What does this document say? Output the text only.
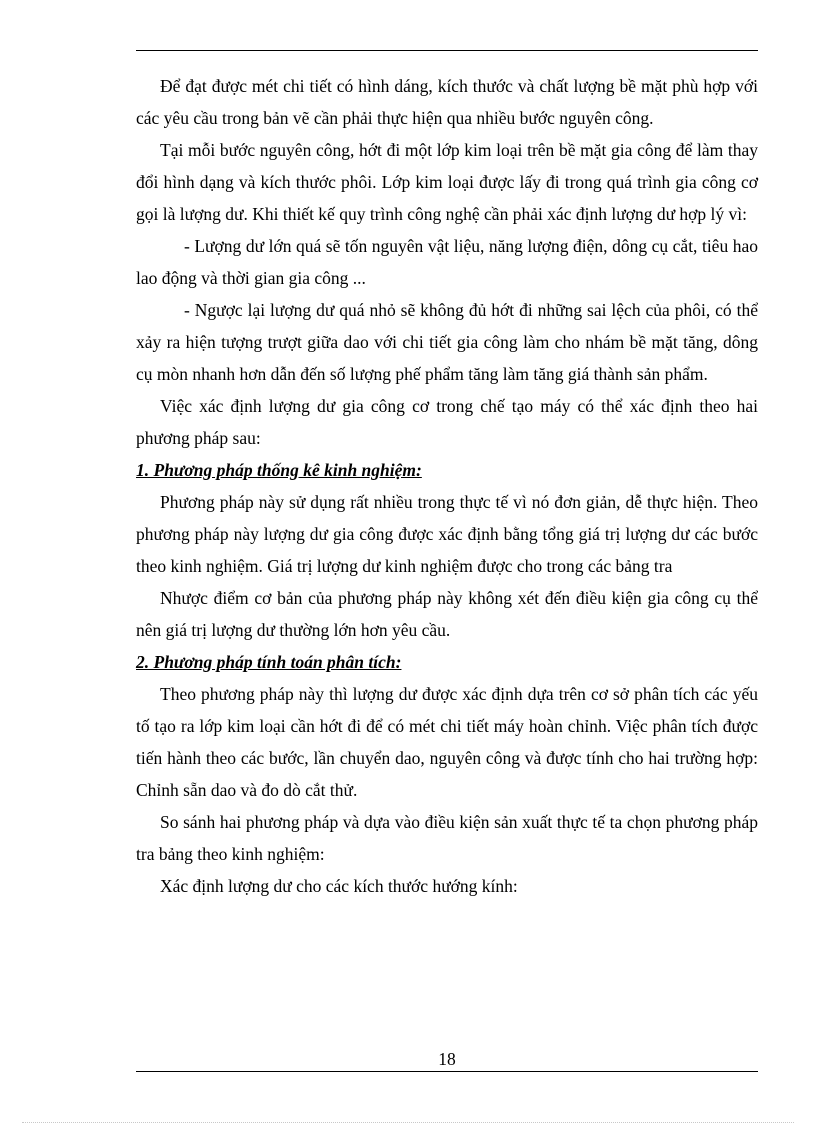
Để đạt được mét chi tiết có hình dáng, kích thước và chất lượng bề mặt phù hợp với các yêu cầu trong bản vẽ cần phải thực hiện qua nhiều bước nguyên công.

Tại mỗi bước nguyên công, hớt đi một lớp kim loại trên bề mặt gia công để làm thay đổi hình dạng và kích thước phôi. Lớp kim loại được lấy đi trong quá trình gia công cơ gọi là lượng dư. Khi thiết kế quy trình công nghệ cần phải xác định lượng dư hợp lý vì:

- Lượng dư lớn quá sẽ tốn nguyên vật liệu, năng lượng điện, dông cụ cắt, tiêu hao lao động và thời gian gia công ...

- Ngược lại lượng dư quá nhỏ sẽ không đủ hớt đi những sai lệch của phôi, có thể xảy ra hiện tượng trượt giữa dao với chi tiết gia công làm cho nhám bề mặt tăng, dông cụ mòn nhanh hơn dẫn đến số lượng phế phẩm tăng làm tăng giá thành sản phẩm.

Việc xác định lượng dư gia công cơ trong chế tạo máy có thể xác định theo hai phương pháp sau:

1. Phương pháp thống kê kinh nghiệm:

Phương pháp này sử dụng rất nhiều trong thực tế vì nó đơn giản, dễ thực hiện. Theo phương pháp này lượng dư gia công được xác định bằng tổng giá trị lượng dư các bước theo kinh nghiệm. Giá trị lượng dư kinh nghiệm được cho trong các bảng tra

Nhược điểm cơ bản của phương pháp này không xét đến điều kiện gia công cụ thể nên giá trị lượng dư thường lớn hơn yêu cầu.

2. Phương pháp tính toán phân tích:

Theo phương pháp này thì lượng dư được xác định dựa trên cơ sở phân tích các yếu tố tạo ra lớp kim loại cần hớt đi để có mét chi tiết máy hoàn chỉnh. Việc phân tích được tiến hành theo các bước, lần chuyển dao, nguyên công và được tính cho hai trường hợp: Chỉnh sẵn dao và đo dò cắt thử.

So sánh hai phương pháp và dựa vào điều kiện sản xuất thực tế ta chọn phương pháp tra bảng theo kinh nghiệm:

Xác định lượng dư cho các kích thước hướng kính:

18
